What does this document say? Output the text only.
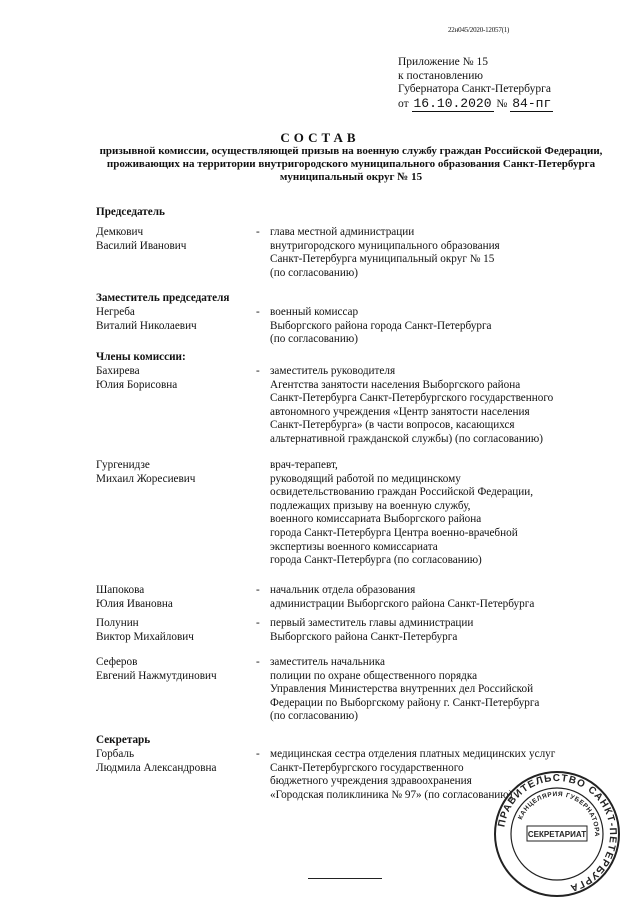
22н045/2020-12057(1)
Приложение № 15
к постановлению
Губернатора Санкт-Петербурга
от 16.10.2020 № 84-пг
СОСТАВ
призывной комиссии, осуществляющей призыв на военную службу граждан Российской Федерации, проживающих на территории внутригородского муниципального образования Санкт-Петербурга муниципальный округ № 15
Председатель
Демкович
Василий Иванович
- глава местной администрации
внутригородского муниципального образования
Санкт-Петербурга муниципальный округ № 15
(по согласованию)
Заместитель председателя
Негреба
Виталий Николаевич
- военный комиссар
Выборгского района города Санкт-Петербурга
(по согласованию)
Члены комиссии:
Бахирева
Юлия Борисовна
- заместитель руководителя
Агентства занятости населения Выборгского района
Санкт-Петербурга Санкт-Петербургского государственного
автономного учреждения «Центр занятости населения
Санкт-Петербурга» (в части вопросов, касающихся
альтернативной гражданской службы) (по согласованию)
Гургенидзе
Михаил Жоресиевич
врач-терапевт,
руководящий работой по медицинскому
освидетельствованию граждан Российской Федерации,
подлежащих призыву на военную службу,
военного комиссариата Выборгского района
города Санкт-Петербурга Центра военно-врачебной
экспертизы военного комиссариата
города Санкт-Петербурга (по согласованию)
Шапокова
Юлия Ивановна
- начальник отдела образования
администрации Выборгского района Санкт-Петербурга
Полунин
Виктор Михайлович
- первый заместитель главы администрации
Выборгского района Санкт-Петербурга
Сеферов
Евгений Нажмутдинович
- заместитель начальника
полиции по охране общественного порядка
Управления Министерства внутренних дел Российской
Федерации по Выборгскому району г. Санкт-Петербурга
(по согласованию)
Секретарь
Горбаль
Людмила Александровна
- медицинская сестра отделения платных медицинских услуг
Санкт-Петербургского государственного
бюджетного учреждения здравоохранения
«Городская поликлиника № 97» (по согласованию)
ПРАВИТЕЛЬСТВО САНКТ-ПЕТЕРБУРГА
КАНЦЕЛЯРИЯ ГУБЕРНАТОРА
СЕКРЕТАРИАТ
